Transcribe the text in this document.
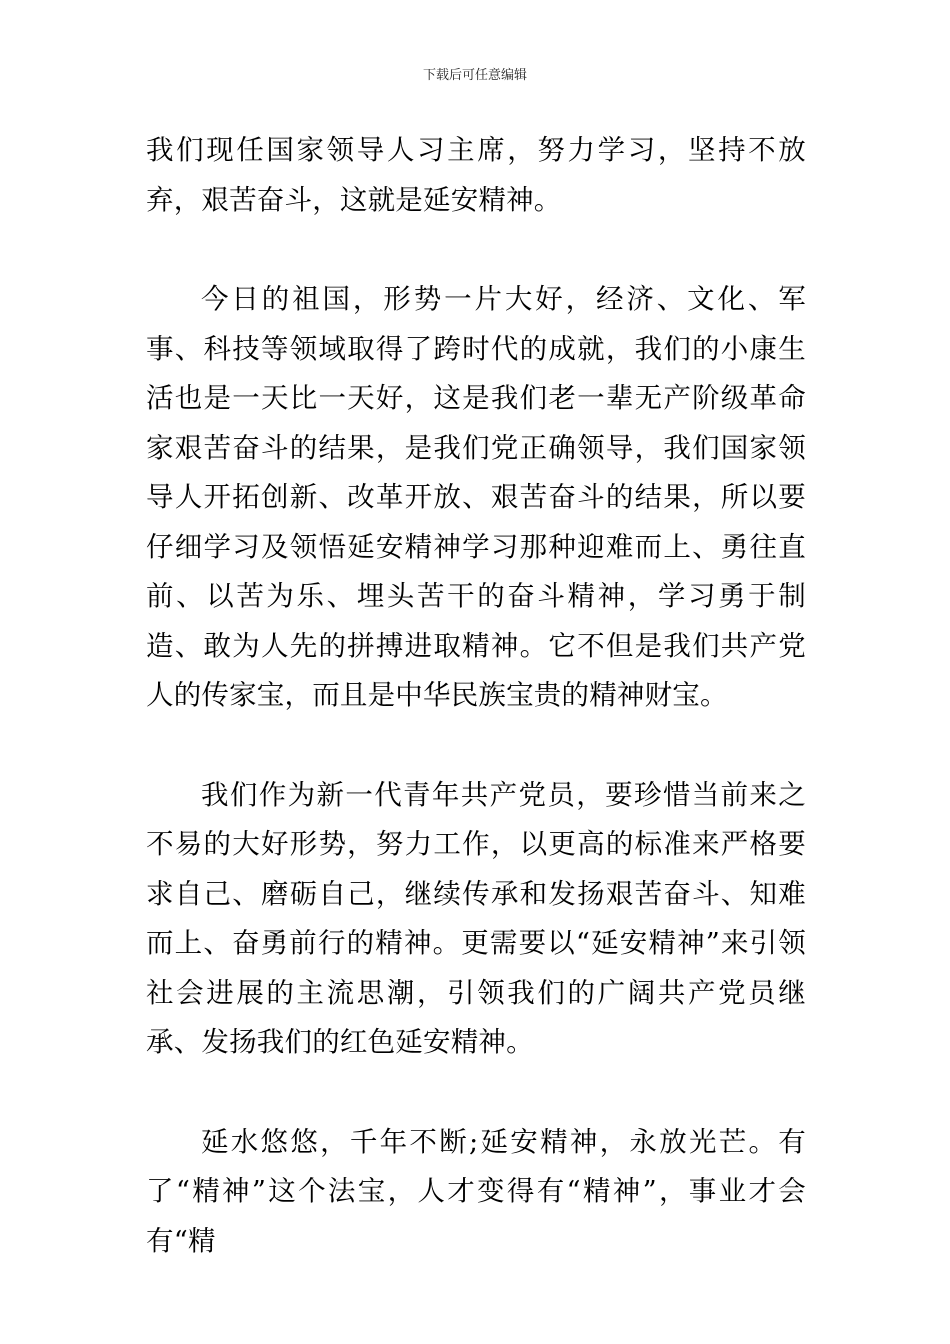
下载后可任意编辑

我们现任国家领导人习主席，努力学习，坚持不放弃，艰苦奋斗，这就是延安精神。

今日的祖国，形势一片大好，经济、文化、军事、科技等领域取得了跨时代的成就，我们的小康生活也是一天比一天好，这是我们老一辈无产阶级革命家艰苦奋斗的结果，是我们党正确领导，我们国家领导人开拓创新、改革开放、艰苦奋斗的结果，所以要仔细学习及领悟延安精神学习那种迎难而上、勇往直前、以苦为乐、埋头苦干的奋斗精神，学习勇于制造、敢为人先的拼搏进取精神。它不但是我们共产党人的传家宝，而且是中华民族宝贵的精神财宝。

我们作为新一代青年共产党员，要珍惜当前来之不易的大好形势，努力工作，以更高的标准来严格要求自己、磨砺自己，继续传承和发扬艰苦奋斗、知难而上、奋勇前行的精神。更需要以“延安精神”来引领社会进展的主流思潮，引领我们的广阔共产党员继承、发扬我们的红色延安精神。

延水悠悠，千年不断;延安精神，永放光芒。有了“精神”这个法宝，人才变得有“精神”，事业才会有“精
